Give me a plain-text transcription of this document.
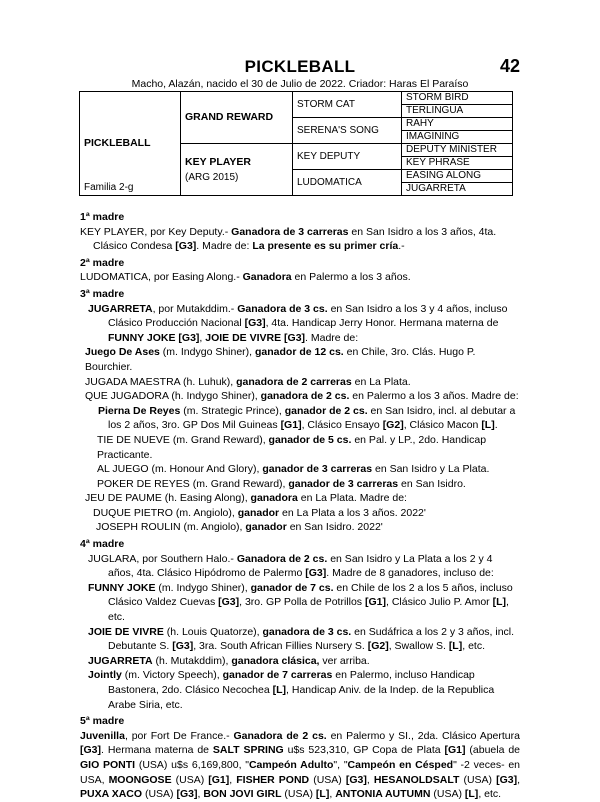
PICKLEBALL	42
Macho, Alazán, nacido el 30 de Julio de 2022. Criador: Haras El Paraíso
PICKLEBALL
Familia 2-g	GRAND REWARD	STORM CAT	STORM BIRD
			TERLINGUA
		SERENA'S SONG	RAHY
			IMAGINING
	KEY PLAYER
(ARG 2015)	KEY DEPUTY	DEPUTY MINISTER
			KEY PHRASE
		LUDOMATICA	EASING ALONG
			JUGARRETA

1ª madre

KEY PLAYER, por Key Deputy.- Ganadora de 3 carreras en San Isidro a los 3 años, 4ta. Clásico Condesa [G3]. Madre de: La presente es su primer cría.-

2ª madre

LUDOMATICA, por Easing Along.- Ganadora en Palermo a los 3 años.

3ª madre

JUGARRETA, por Mutakddim.- Ganadora de 3 cs. en San Isidro a los 3 y 4 años, incluso Clásico Producción Nacional [G3], 4ta. Handicap Jerry Honor. Hermana materna de FUNNY JOKE [G3], JOIE DE VIVRE [G3]. Madre de:

Juego De Ases (m. Indygo Shiner), ganador de 12 cs. en Chile, 3ro. Clás. Hugo P. Bourchier.

JUGADA MAESTRA (h. Luhuk), ganadora de 2 carreras en La Plata.

QUE JUGADORA (h. Indygo Shiner), ganadora de 2 cs. en Palermo a los 3 años. Madre de:

Pierna De Reyes (m. Strategic Prince), ganador de 2 cs. en San Isidro, incl. al debutar a los 2 años, 3ro. GP Dos Mil Guineas [G1], Clásico Ensayo [G2], Clásico Macon [L].

TIE DE NUEVE (m. Grand Reward), ganador de 5 cs. en Pal. y LP., 2do. Handicap Practicante.

AL JUEGO (m. Honour And Glory), ganador de 3 carreras en San Isidro y La Plata.

POKER DE REYES (m. Grand Reward), ganador de 3 carreras en San Isidro.

JEU DE PAUME (h. Easing Along), ganadora en La Plata. Madre de:

DUQUE PIETRO (m. Angiolo), ganador en La Plata a los 3 años. 2022'

JOSEPH ROULIN (m. Angiolo), ganador en San Isidro. 2022'

4ª madre

JUGLARA, por Southern Halo.- Ganadora de 2 cs. en San Isidro y La Plata a los 2 y 4 años, 4ta. Clásico Hipódromo de Palermo [G3]. Madre de 8 ganadores, incluso de:

FUNNY JOKE (m. Indygo Shiner), ganador de 7 cs. en Chile de los 2 a los 5 años, incluso Clásico Valdez Cuevas [G3], 3ro. GP Polla de Potrillos [G1], Clásico Julio P. Amor [L], etc.

JOIE DE VIVRE (h. Louis Quatorze), ganadora de 3 cs. en Sudáfrica a los 2 y 3 años, incl. Debutante S. [G3], 3ra. South African Fillies Nursery S. [G2], Swallow S. [L], etc.

JUGARRETA (h. Mutakddim), ganadora clásica, ver arriba.

Jointly (m. Victory Speech), ganador de 7 carreras en Palermo, incluso Handicap Bastonera, 2do. Clásico Necochea [L], Handicap Aniv. de la Indep. de la Republica Arabe Siria, etc.

5ª madre

Juvenilla, por Fort De France.- Ganadora de 2 cs. en Palermo y SI., 2da. Clásico Apertura [G3]. Hermana materna de SALT SPRING u$s 523,310, GP Copa de Plata [G1] (abuela de GIO PONTI (USA) u$s 6,169,800, "Campeón Adulto", "Campeón en Césped" -2 veces- en USA, MOONGOSE (USA) [G1], FISHER POND (USA) [G3], HESANOLDSALT (USA) [G3], PUXA XACO (USA) [G3], BON JOVI GIRL (USA) [L], ANTONIA AUTUMN (USA) [L], etc.
